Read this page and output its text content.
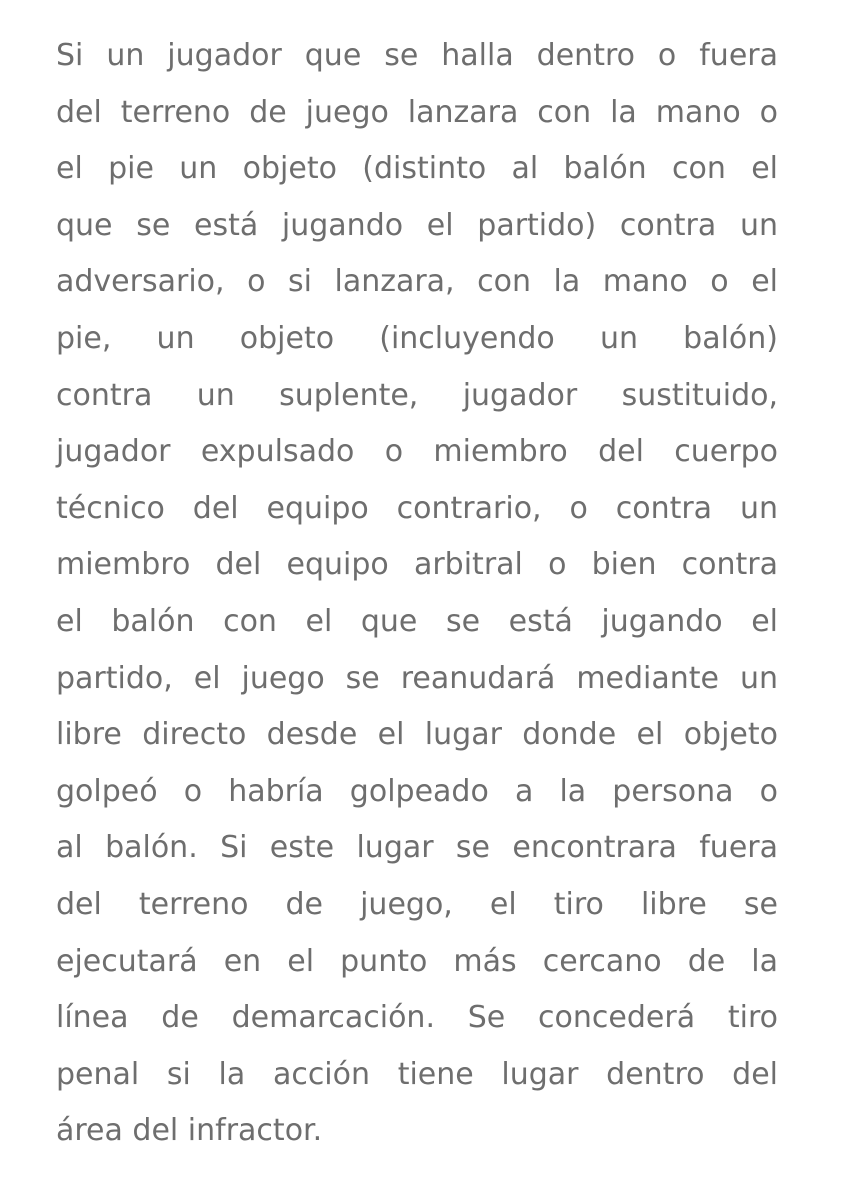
Si un jugador que se halla dentro o fuera
del terreno de juego lanzara con la mano o
el pie un objeto (distinto al balón con el
que se está jugando el partido) contra un
adversario, o si lanzara, con la mano o el
pie, un objeto (incluyendo un balón)
contra un suplente, jugador sustituido,
jugador expulsado o miembro del cuerpo
técnico del equipo contrario, o contra un
miembro del equipo arbitral o bien contra
el balón con el que se está jugando el
partido, el juego se reanudará mediante un
libre directo desde el lugar donde el objeto
golpeó o habría golpeado a la persona o
al balón. Si este lugar se encontrara fuera
del terreno de juego, el tiro libre se
ejecutará en el punto más cercano de la
línea de demarcación. Se concederá tiro
penal si la acción tiene lugar dentro del
área del infractor.
